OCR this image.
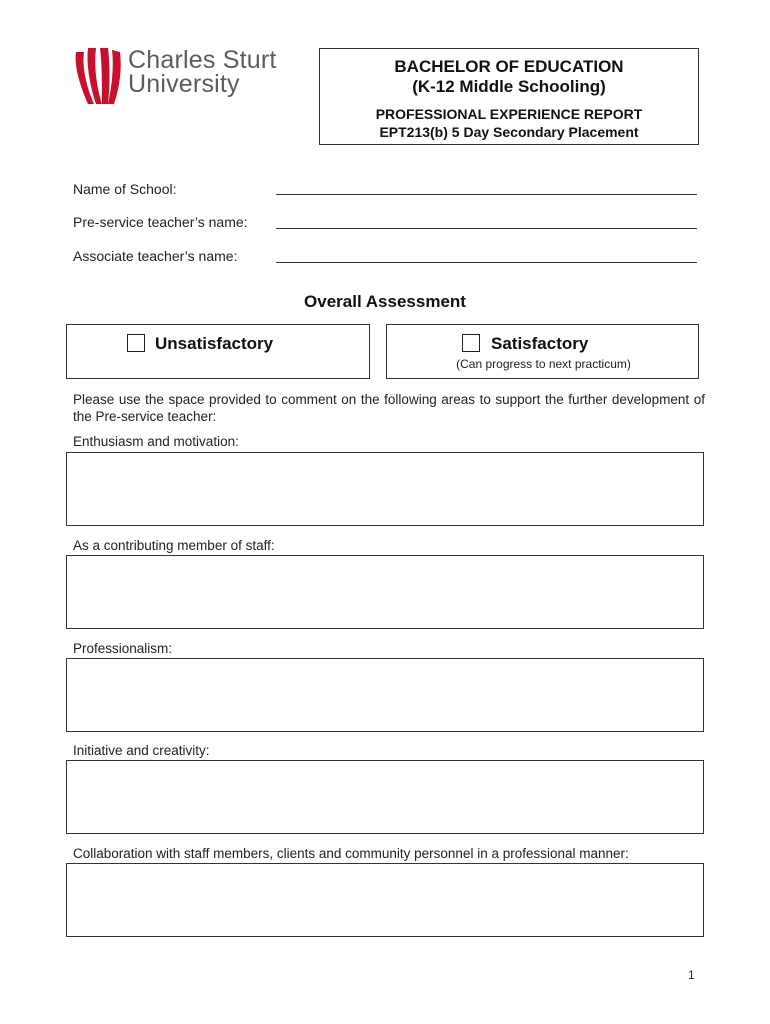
Charles Sturt
University
BACHELOR OF EDUCATION
(K-12 Middle Schooling)
PROFESSIONAL EXPERIENCE REPORT
EPT213(b) 5 Day Secondary Placement
Name of School:
Pre-service teacher’s name:
Associate teacher’s name:
Overall Assessment
Unsatisfactory	Satisfactory
(Can progress to next practicum)
Please use the space provided to comment on the following areas to support the further development of the Pre-service teacher:
Enthusiasm and motivation:
As a contributing member of staff:
Professionalism:
Initiative and creativity:
Collaboration with staff members, clients and community personnel in a professional manner:
1
